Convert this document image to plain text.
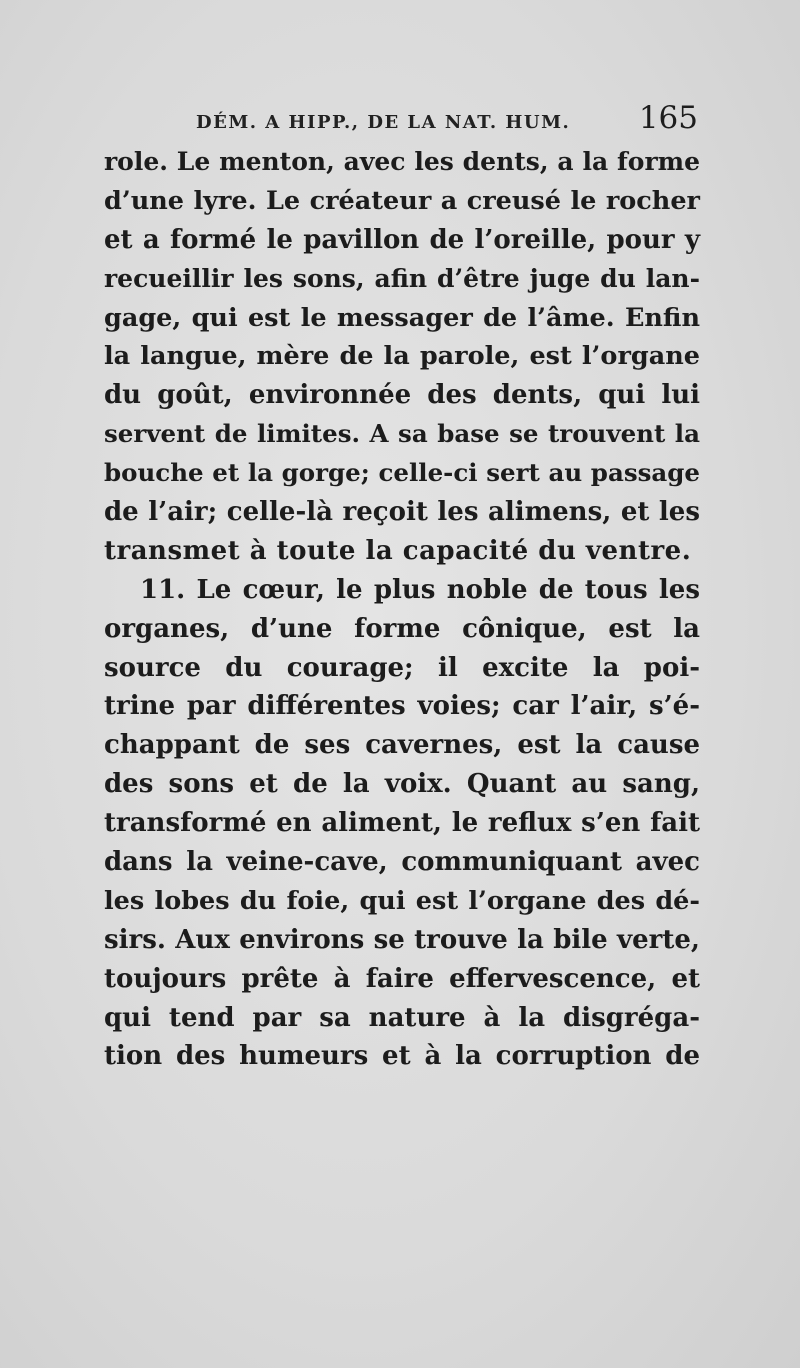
DÉM. A HIPP., DE LA NAT. HUM. 165
role. Le menton, avec les dents, a la forme
d’une lyre. Le créateur a creusé le rocher
et a formé le pavillon de l’oreille, pour y
recueillir les sons, afin d’être juge du lan-
gage, qui est le messager de l’âme. Enfin
la langue, mère de la parole, est l’organe
du goût, environnée des dents, qui lui
servent de limites. A sa base se trouvent la
bouche et la gorge; celle-ci sert au passage
de l’air; celle-là reçoit les alimens, et les
transmet à toute la capacité du ventre.
11. Le cœur, le plus noble de tous les
organes, d’une forme cônique, est la
source du courage; il excite la poi-
trine par différentes voies; car l’air, s’é-
chappant de ses cavernes, est la cause
des sons et de la voix. Quant au sang,
transformé en aliment, le reflux s’en fait
dans la veine-cave, communiquant avec
les lobes du foie, qui est l’organe des dé-
sirs. Aux environs se trouve la bile verte,
toujours prête à faire effervescence, et
qui tend par sa nature à la disgréga-
tion des humeurs et à la corruption de
